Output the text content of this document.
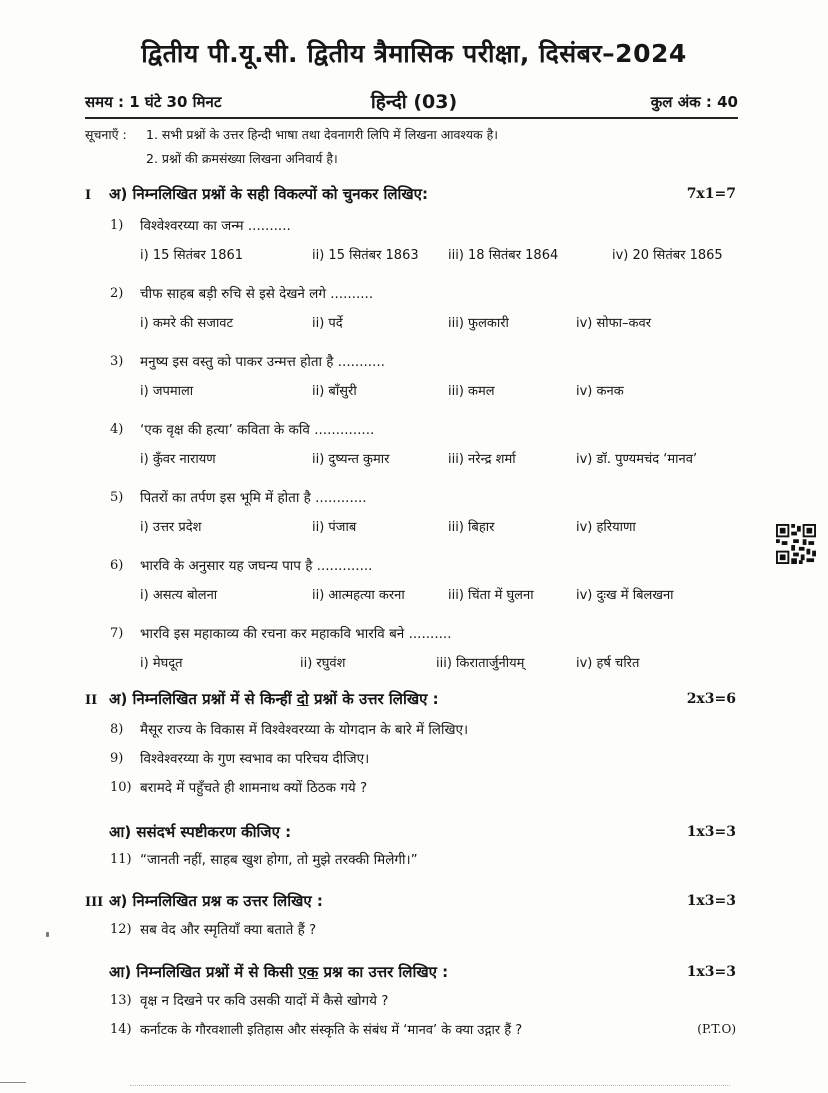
द्वितीय पी.यू.सी. द्वितीय त्रैमासिक परीक्षा, दिसंबर–2024
समय : 1 घंटे 30 मिनट	हिन्दी (03)	कुल अंक : 40
सूचनाएँ : 1. सभी प्रश्नों के उत्तर हिन्दी भाषा तथा देवनागरी लिपि में लिखना आवश्यक है।
2. प्रश्नों की क्रमसंख्या लिखना अनिवार्य है।
I अ) निम्नलिखित प्रश्नों के सही विकल्पों को चुनकर लिखिए:	7x1=7
1) विश्वेश्वरय्या का जन्म ..........
i) 15 सितंबर 1861	ii) 15 सितंबर 1863 iii) 18 सितंबर 1864	iv) 20 सितंबर 1865
2) चीफ साहब बड़ी रुचि से इसे देखने लगे ..........
i) कमरे की सजावट	ii) पर्दे	iii) फुलकारी	iv) सोफा–कवर
3) मनुष्य इस वस्तु को पाकर उन्मत्त होता है ...........
i) जपमाला	ii) बाँसुरी	iii) कमल	iv) कनक
4) ‘एक वृक्ष की हत्या’ कविता के कवि ..............
i) कुँवर नारायण	ii) दुष्यन्त कुमार	iii) नरेन्द्र शर्मा	iv) डॉ. पुण्यमचंद ‘मानव’
5) पितरों का तर्पण इस भूमि में होता है ............
i) उत्तर प्रदेश	ii) पंजाब	iii) बिहार	iv) हरियाणा
6) भारवि के अनुसार यह जघन्य पाप है .............
i) असत्य बोलना	ii) आत्महत्या करना	iii) चिंता में घुलना	iv) दुःख में बिलखना
7) भारवि इस महाकाव्य की रचना कर महाकवि भारवि बने ..........
i) मेघदूत	ii) रघुवंश	iii) किरातार्जुनीयम्	iv) हर्ष चरित
II अ) निम्नलिखित प्रश्नों में से किन्हीं दो प्रश्नों के उत्तर लिखिए :	2x3=6
8) मैसूर राज्य के विकास में विश्वेश्वरय्या के योगदान के बारे में लिखिए।
9) विश्वेश्वरय्या के गुण स्वभाव का परिचय दीजिए।
10) बरामदे में पहुँचते ही शामनाथ क्यों ठिठक गये ?
आ) ससंदर्भ स्पष्टीकरण कीजिए :	1x3=3
11) “जानती नहीं, साहब खुश होगा, तो मुझे तरक्की मिलेगी।”
III अ) निम्नलिखित प्रश्न क उत्तर लिखिए :	1x3=3
12) सब वेद और स्मृतियाँ क्या बताते हैं ?
आ) निम्नलिखित प्रश्नों में से किसी एक प्रश्न का उत्तर लिखिए :	1x3=3
13) वृक्ष न दिखने पर कवि उसकी यादों में कैसे खोगये ?
14) कर्नाटक के गौरवशाली इतिहास और संस्कृति के संबंध में ‘मानव’ के क्या उद्गार हैं ?	(P.T.O)
